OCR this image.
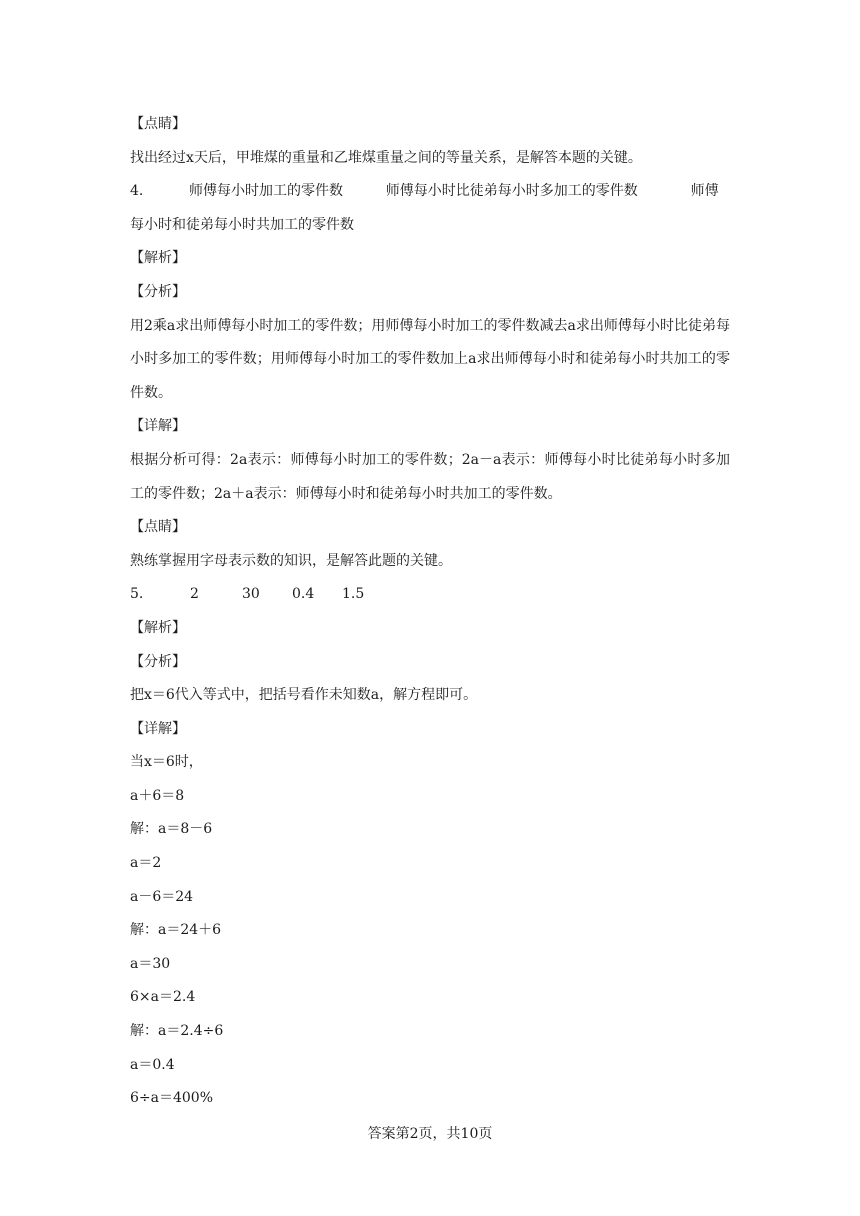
【点睛】
找出经过x天后，甲堆煤的重量和乙堆煤重量之间的等量关系，是解答本题的关键。
4.	师傅每小时加工的零件数	师傅每小时比徒弟每小时多加工的零件数	师傅
每小时和徒弟每小时共加工的零件数
【解析】
【分析】
用2乘a求出师傅每小时加工的零件数；用师傅每小时加工的零件数减去a求出师傅每小时比徒弟每小时多加工的零件数；用师傅每小时加工的零件数加上a求出师傅每小时和徒弟每小时共加工的零件数。
【详解】
根据分析可得：2a表示：师傅每小时加工的零件数；2a－a表示：师傅每小时比徒弟每小时多加工的零件数；2a＋a表示：师傅每小时和徒弟每小时共加工的零件数。
【点睛】
熟练掌握用字母表示数的知识，是解答此题的关键。
5.	2	30	0.4	1.5
【解析】
【分析】
把x＝6代入等式中，把括号看作未知数a，解方程即可。
【详解】
当x＝6时，
a＋6＝8
解：a＝8－6
a＝2
a－6＝24
解：a＝24＋6
a＝30
6×a＝2.4
解：a＝2.4÷6
a＝0.4
6÷a＝400%
答案第2页，共10页
